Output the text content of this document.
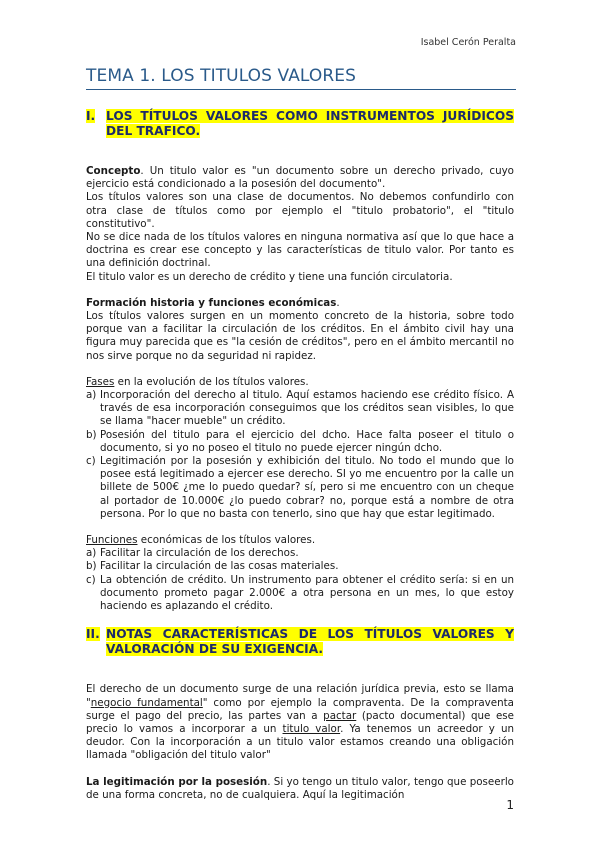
Isabel Cerón Peralta
TEMA 1. LOS TITULOS VALORES
I. LOS TÍTULOS VALORES COMO INSTRUMENTOS JURÍDICOS DEL TRAFICO.

Concepto. Un titulo valor es "un documento sobre un derecho privado, cuyo ejercicio está condicionado a la posesión del documento".

Los títulos valores son una clase de documentos. No debemos confundirlo con otra clase de títulos como por ejemplo el "titulo probatorio", el "titulo constitutivo".

No se dice nada de los títulos valores en ninguna normativa así que lo que hace a doctrina es crear ese concepto y las características de titulo valor. Por tanto es una definición doctrinal.

El titulo valor es un derecho de crédito y tiene una función circulatoria.

Formación historia y funciones económicas.

Los títulos valores surgen en un momento concreto de la historia, sobre todo porque van a facilitar la circulación de los créditos. En el ámbito civil hay una figura muy parecida que es "la cesión de créditos", pero en el ámbito mercantil no nos sirve porque no da seguridad ni rapidez.

Fases en la evolución de los títulos valores.

a) Incorporación del derecho al titulo. Aquí estamos haciendo ese crédito físico. A través de esa incorporación conseguimos que los créditos sean visibles, lo que se llama "hacer mueble" un crédito.
b) Posesión del titulo para el ejercicio del dcho. Hace falta poseer el titulo o documento, si yo no poseo el titulo no puede ejercer ningún dcho.
c) Legitimación por la posesión y exhibición del titulo. No todo el mundo que lo posee está legitimado a ejercer ese derecho. SI yo me encuentro por la calle un billete de 500€ ¿me lo puedo quedar? sí, pero si me encuentro con un cheque al portador de 10.000€ ¿lo puedo cobrar? no, porque está a nombre de otra persona. Por lo que no basta con tenerlo, sino que hay que estar legitimado.

Funciones económicas de los títulos valores.

a) Facilitar la circulación de los derechos.
b) Facilitar la circulación de las cosas materiales.
c) La obtención de crédito. Un instrumento para obtener el crédito sería: si en un documento prometo pagar 2.000€ a otra persona en un mes, lo que estoy haciendo es aplazando el crédito.
II. NOTAS CARACTERÍSTICAS DE LOS TÍTULOS VALORES Y VALORACIÓN DE SU EXIGENCIA.

El derecho de un documento surge de una relación jurídica previa, esto se llama "negocio fundamental" como por ejemplo la compraventa. De la compraventa surge el pago del precio, las partes van a pactar (pacto documental) que ese precio lo vamos a incorporar a un titulo valor. Ya tenemos un acreedor y un deudor. Con la incorporación a un titulo valor estamos creando una obligación llamada "obligación del titulo valor"

La legitimación por la posesión. Si yo tengo un titulo valor, tengo que poseerlo de una forma concreta, no de cualquiera. Aquí la legitimación

1
